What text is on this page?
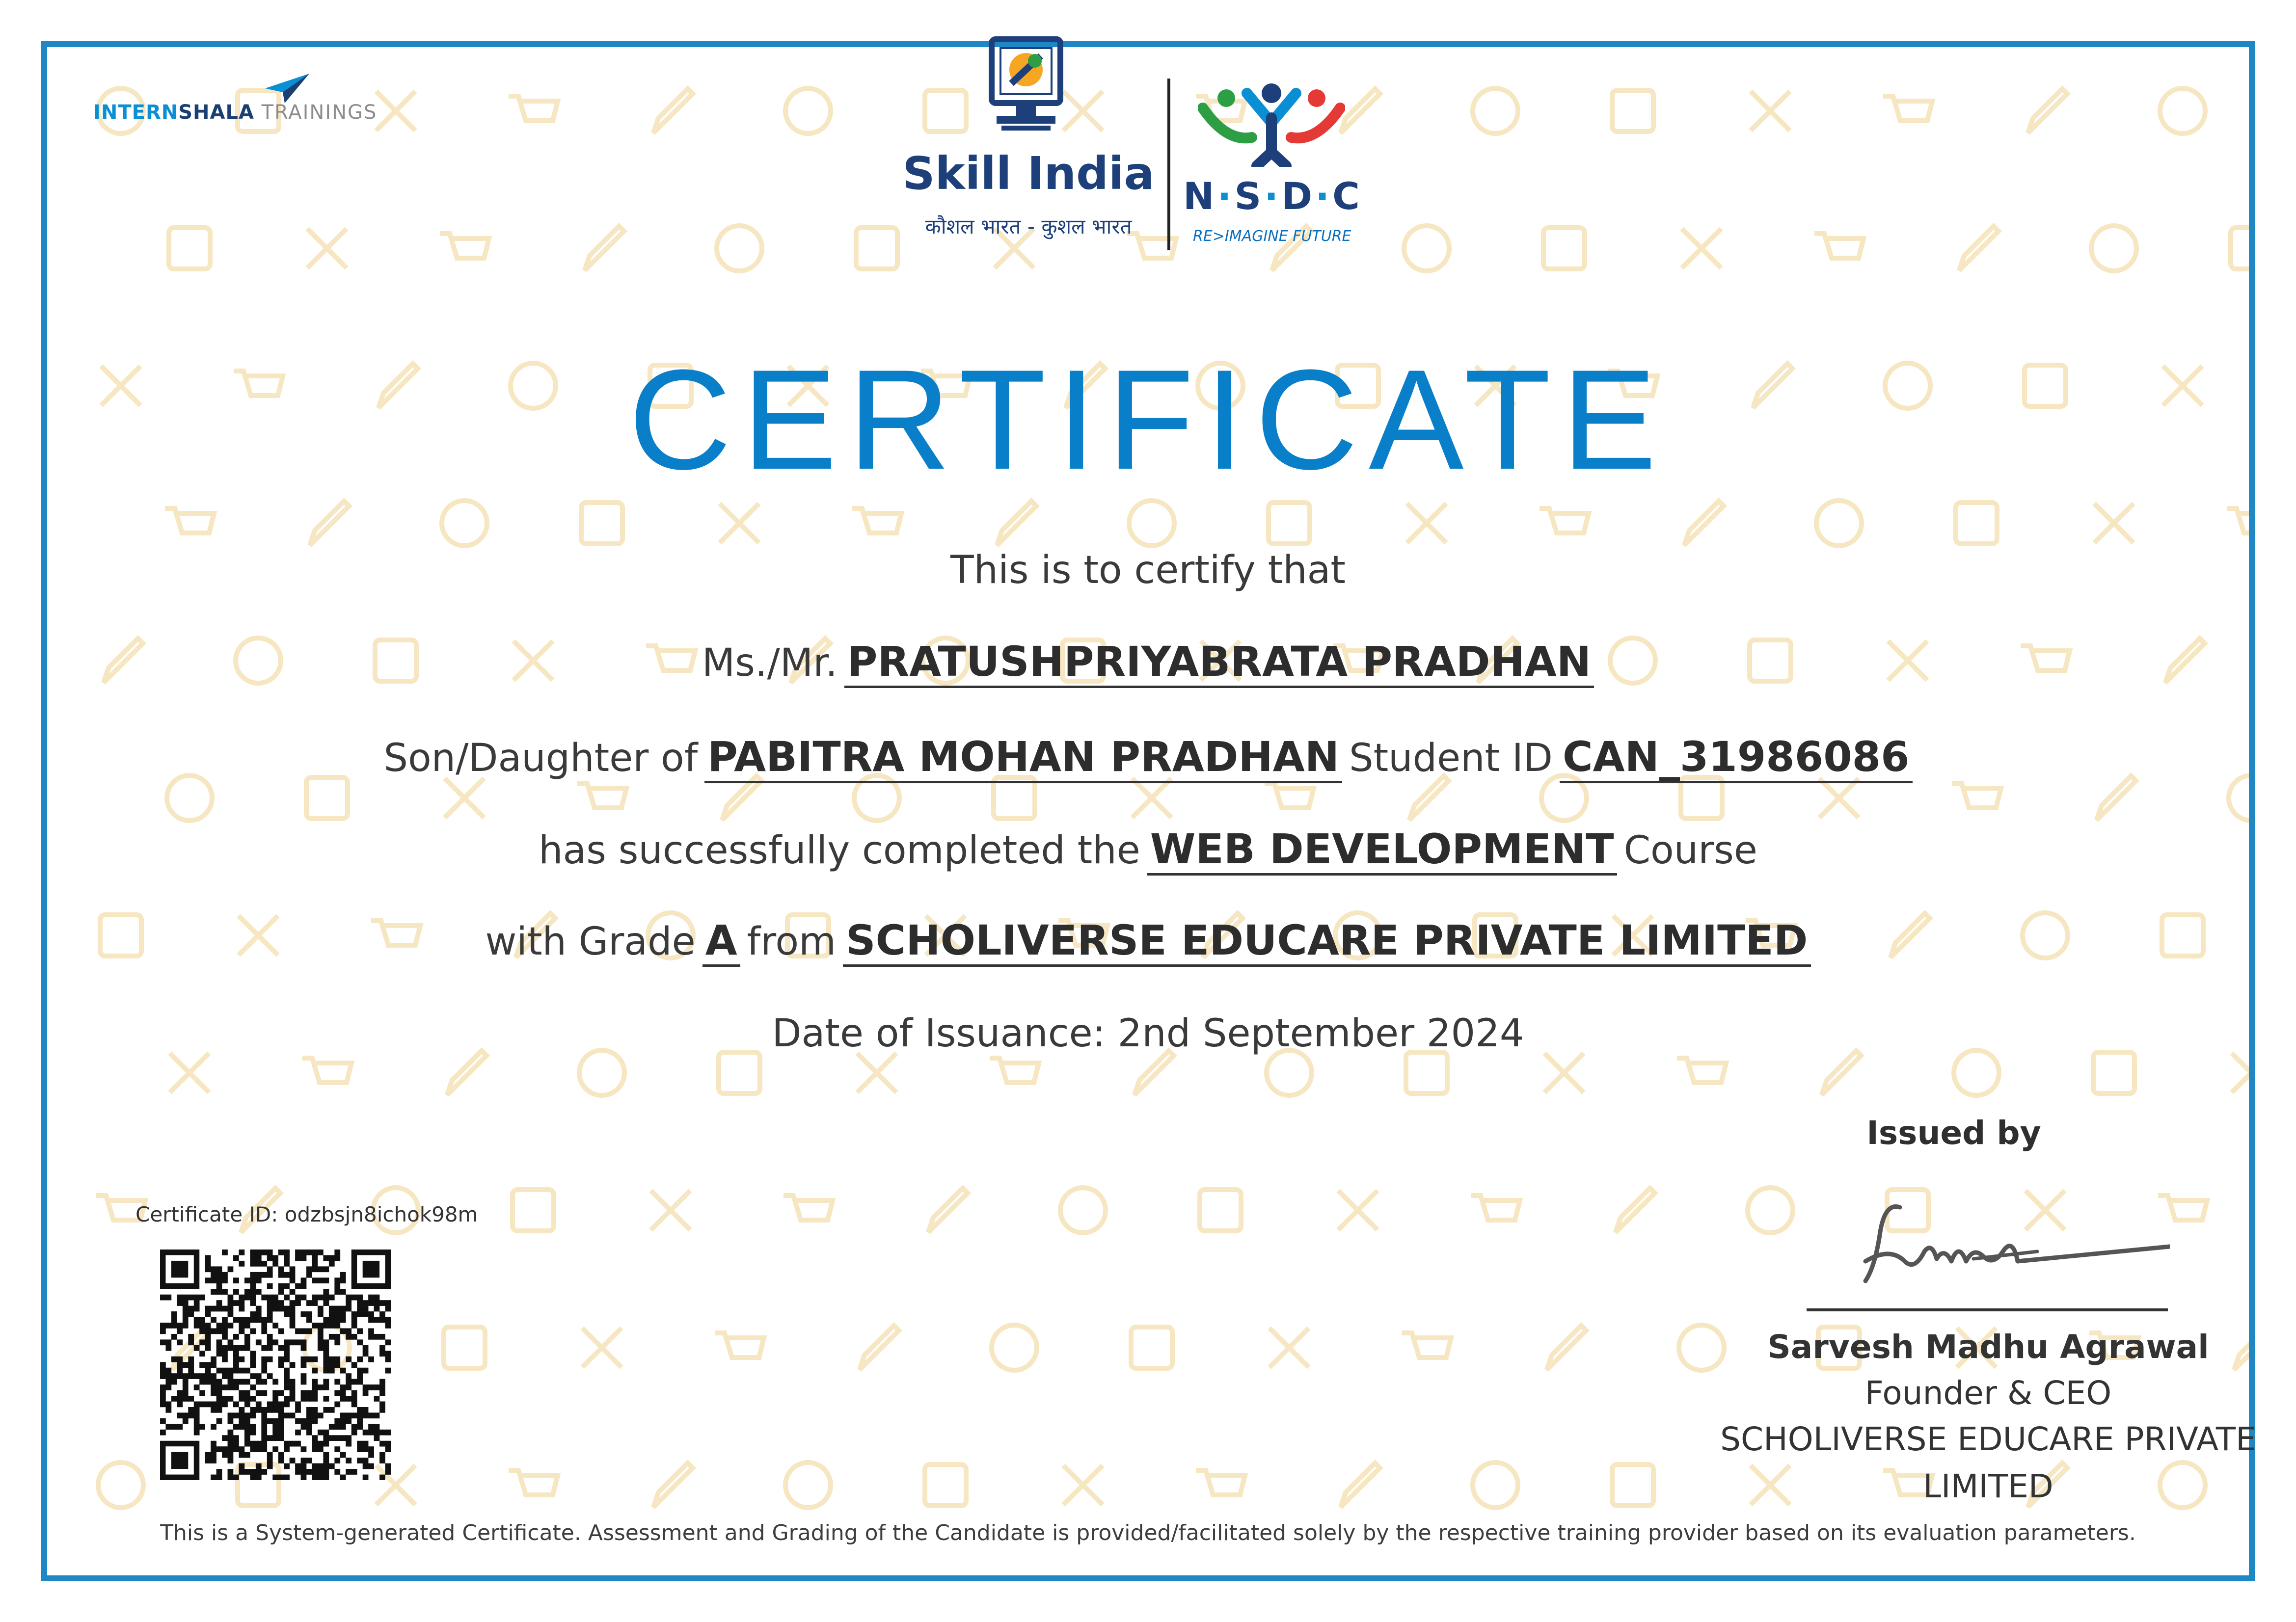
INTERNSHALA TRAININGS
Skill India
कौशल भारत - कुशल भारत
N·S·D·C
RE>IMAGINE FUTURE
CERTIFICATE
This is to certify that
Ms./Mr. PRATUSHPRIYABRATA PRADHAN
Son/Daughter of PABITRA MOHAN PRADHAN Student ID CAN_31986086
has successfully completed the WEB DEVELOPMENT Course
with Grade A from SCHOLIVERSE EDUCARE PRIVATE LIMITED
Date of Issuance: 2nd September 2024
Certificate ID: odzbsjn8ichok98m
Issued by
Sarvesh Madhu Agrawal
Founder & CEO
SCHOLIVERSE EDUCARE PRIVATE
LIMITED
This is a System-generated Certificate. Assessment and Grading of the Candidate is provided/facilitated solely by the respective training provider based on its evaluation parameters.
